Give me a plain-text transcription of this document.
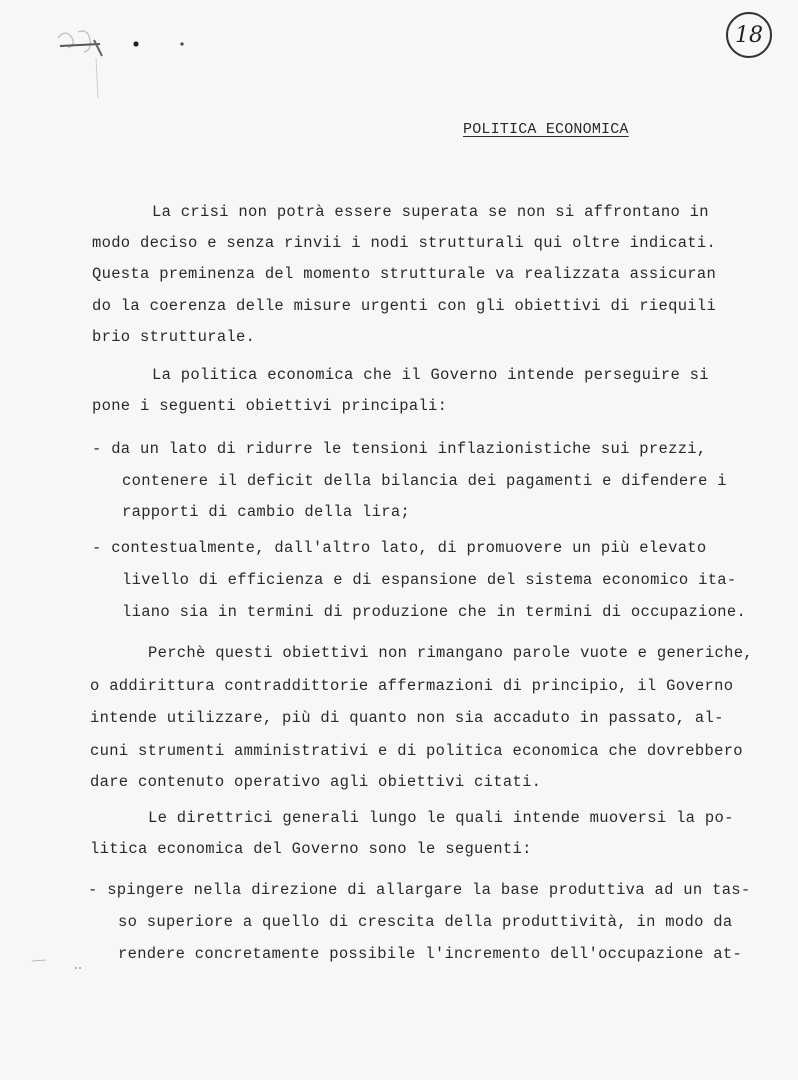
18
POLITICA ECONOMICA
La crisi non potrà essere superata se non si affrontano in
modo deciso e senza rinvii i nodi strutturali qui oltre indicati.
Questa preminenza del momento strutturale va realizzata assicuran
do la coerenza delle misure urgenti con gli obiettivi di riequili
brio strutturale.
La politica economica che il Governo intende perseguire si
pone i seguenti obiettivi principali:
- da un lato di ridurre le tensioni inflazionistiche sui prezzi,
contenere il deficit della bilancia dei pagamenti e difendere i
rapporti di cambio della lira;
- contestualmente, dall'altro lato, di promuovere un più elevato
livello di efficienza e di espansione del sistema economico ita-
liano sia in termini di produzione che in termini di occupazione.
Perchè questi obiettivi non rimangano parole vuote e generiche,
o addirittura contraddittorie affermazioni di principio, il Governo
intende utilizzare, più di quanto non sia accaduto in passato, al-
cuni strumenti amministrativi e di politica economica che dovrebbero
dare contenuto operativo agli obiettivi citati.
Le direttrici generali lungo le quali intende muoversi la po-
litica economica del Governo sono le seguenti:
- spingere nella direzione di allargare la base produttiva ad un tas-
so superiore a quello di crescita della produttività, in modo da
rendere concretamente possibile l'incremento dell'occupazione at-
